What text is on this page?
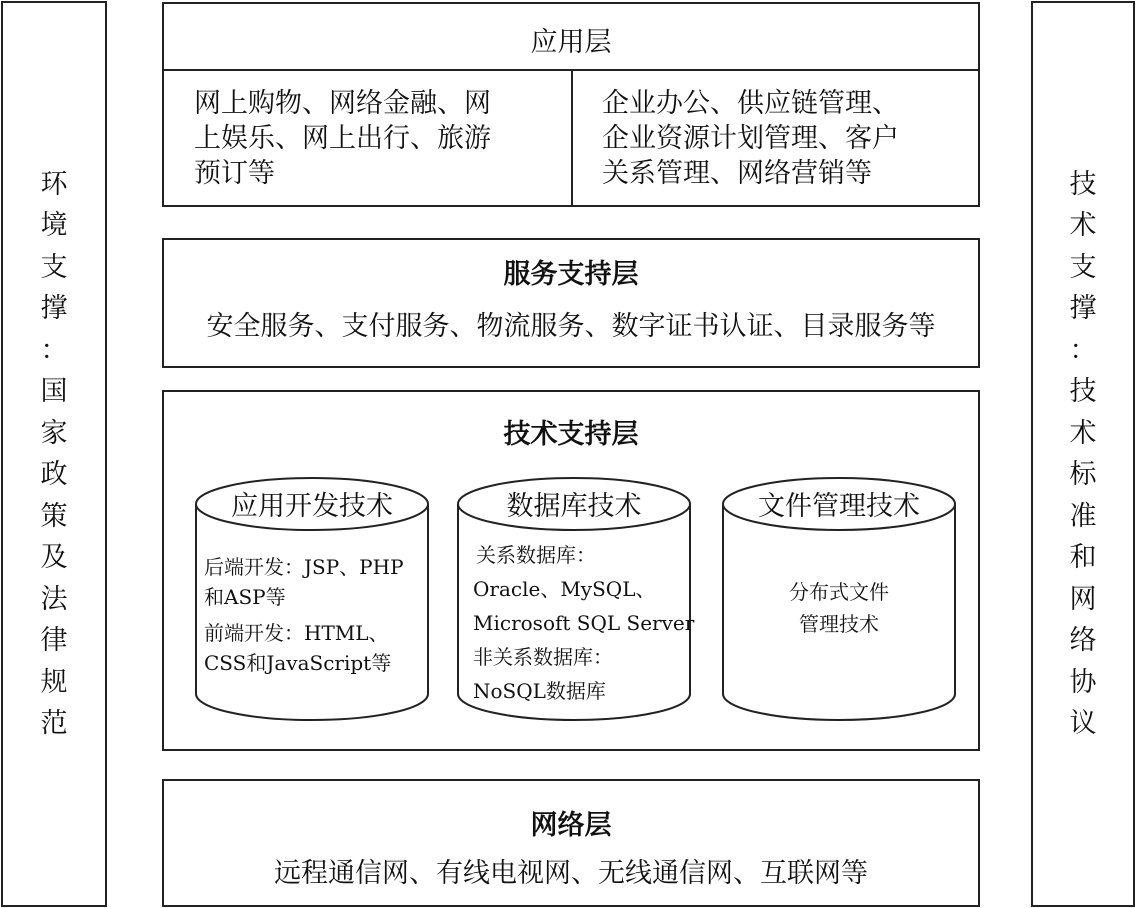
环
境
支
撑
：
国
家
政
策
及
法
律
规
范
技
术
支
撑
：
技
术
标
准
和
网
络
协
议
应用层
网上购物、网络金融、网
上娱乐、网上出行、旅游
预订等
企业办公、供应链管理、
企业资源计划管理、客户
关系管理、网络营销等
服务支持层
安全服务、支付服务、物流服务、数字证书认证、目录服务等
技术支持层
应用开发技术
后端开发：JSP、PHP
和ASP等
前端开发：HTML、
CSS和JavaScript等
数据库技术
关系数据库：
Oracle、MySQL、
Microsoft SQL Server
非关系数据库：
NoSQL数据库
文件管理技术
分布式文件
管理技术
网络层
远程通信网、有线电视网、无线通信网、互联网等
